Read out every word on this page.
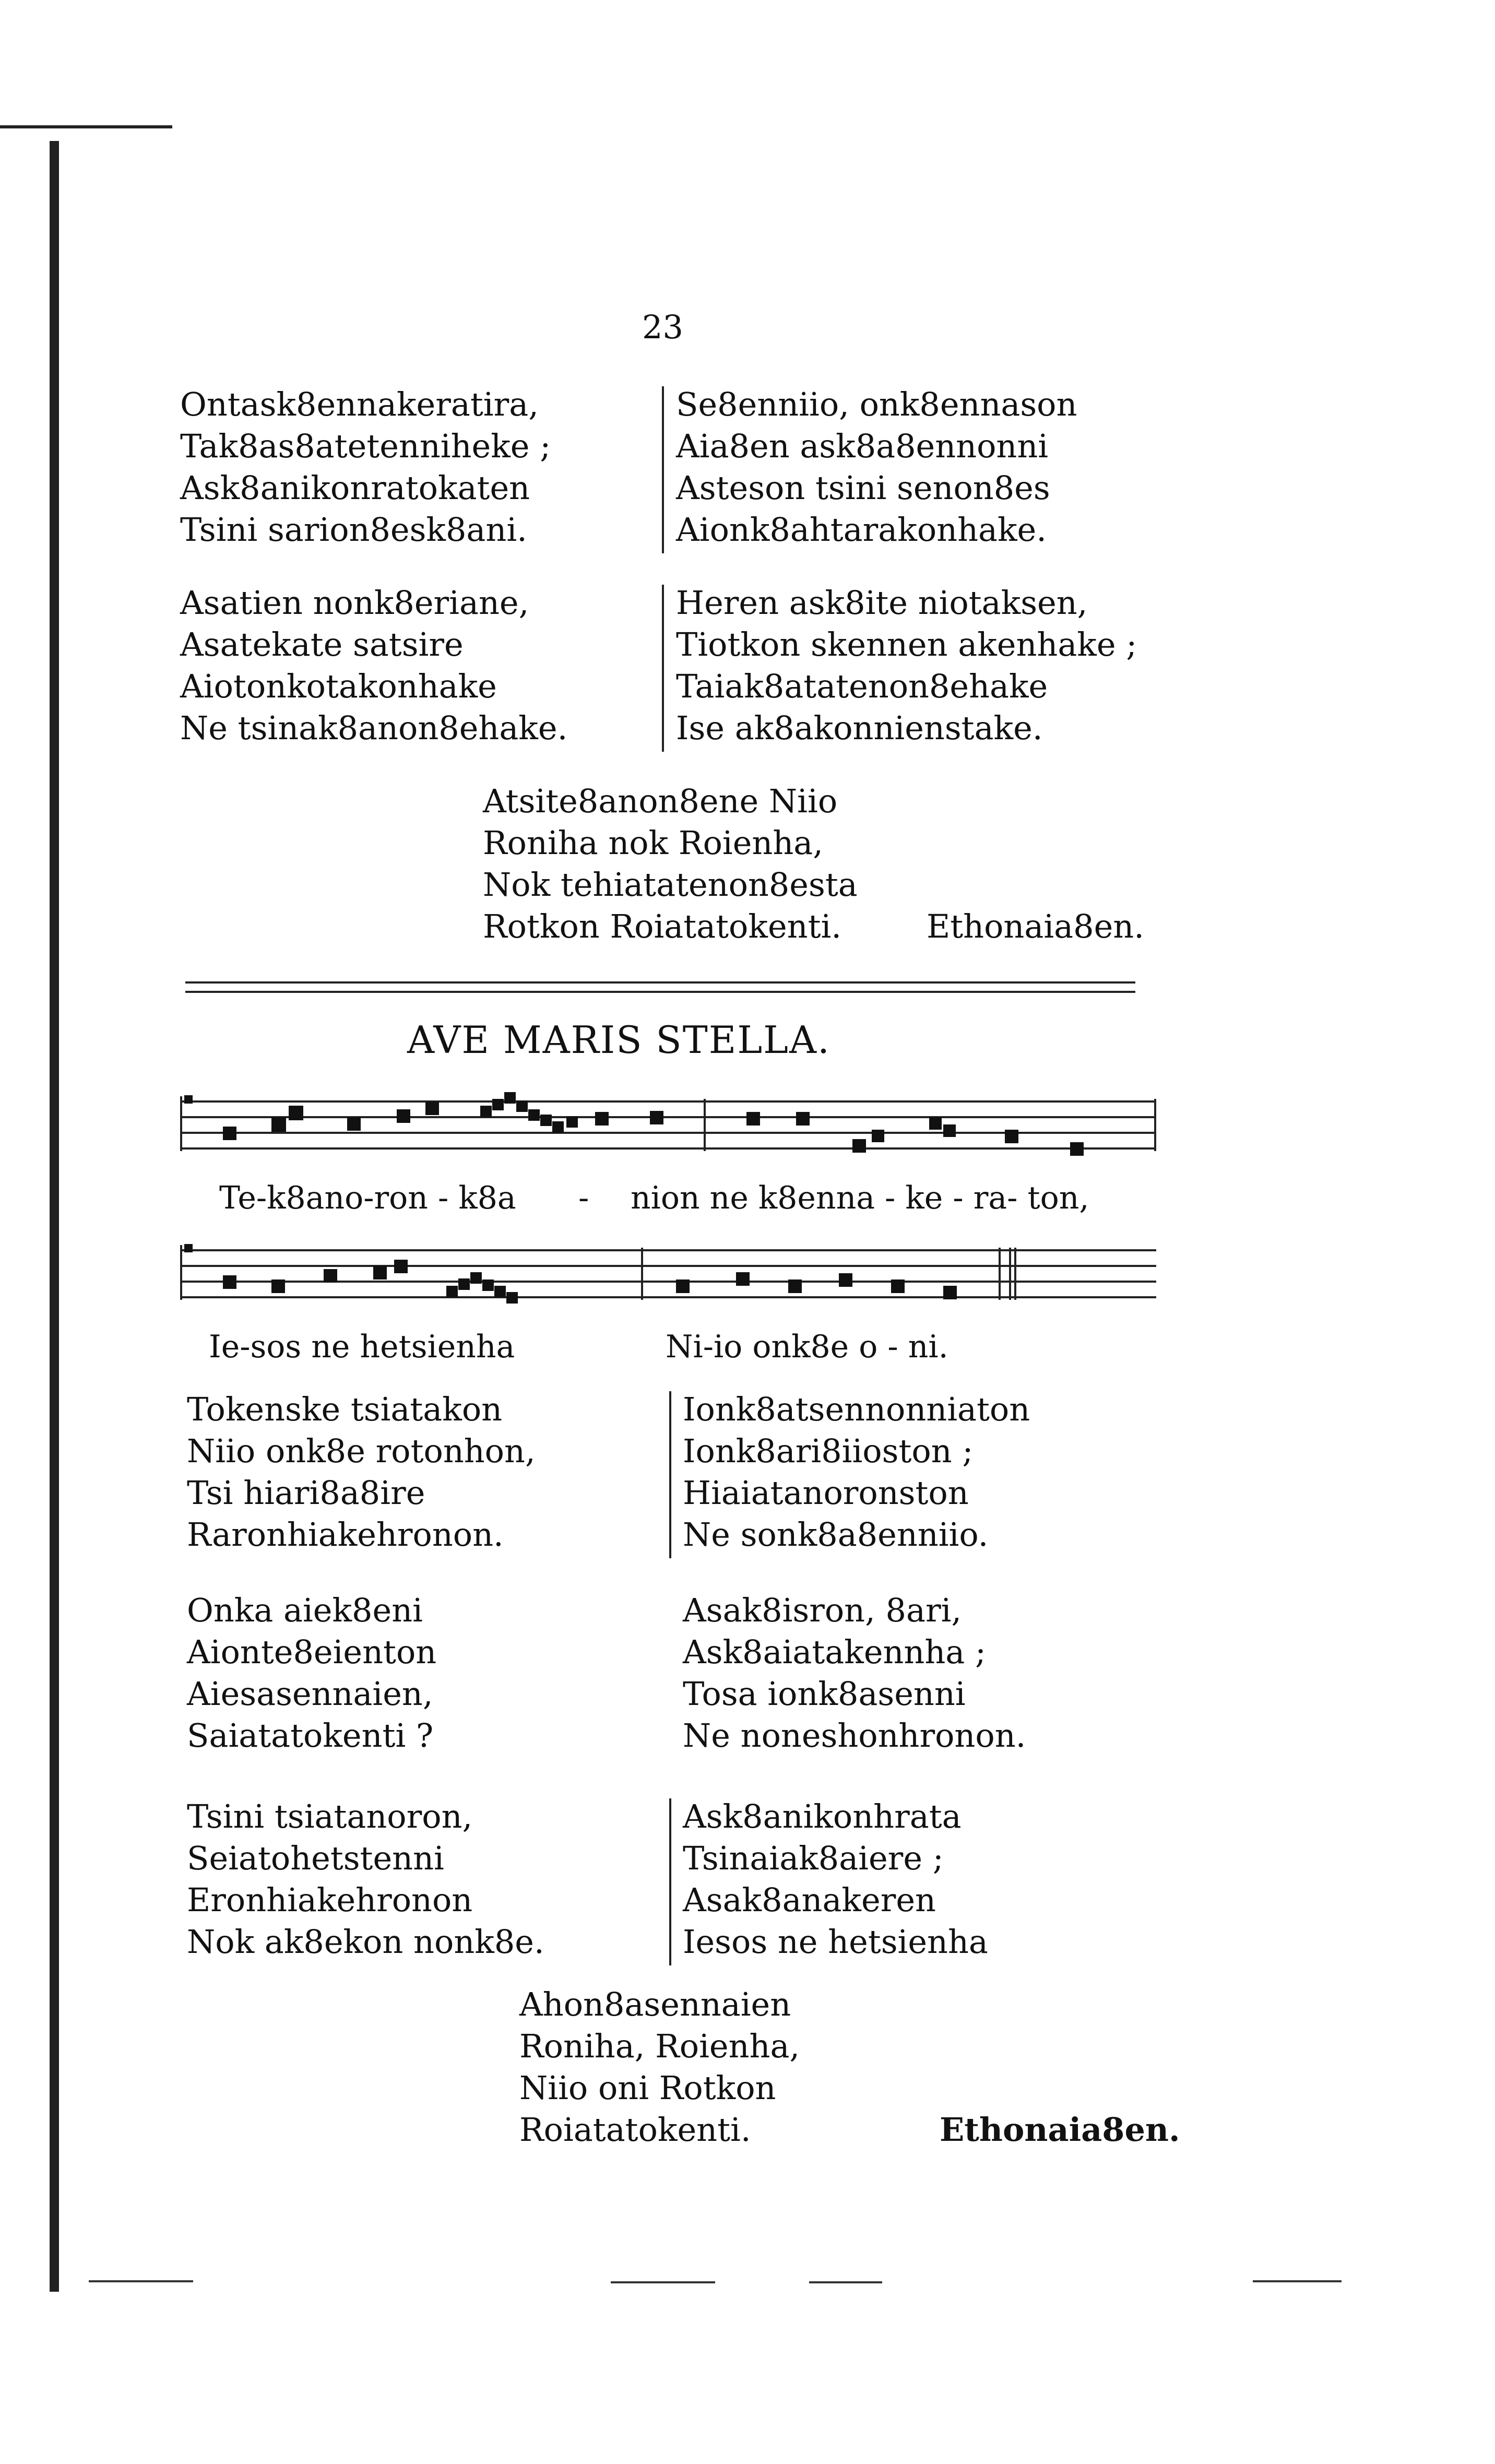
23
Ontask8ennakeratira,
Tak8as8atetenniheke ;
Ask8anikonratokaten
Tsini sarion8esk8ani.
Asatien nonk8eriane,
Asatekate satsire
Aiotonkotakonhake
Ne tsinak8anon8ehake.
Se8enniio, onk8ennason
Aia8en ask8a8ennonni
Asteson tsini senon8es
Aionk8ahtarakonhake.
Heren ask8ite niotaksen,
Tiotkon skennen akenhake ;
Taiak8atatenon8ehake
Ise ak8akonnienstake.
Atsite8anon8ene Niio
Roniha nok Roienha,
Nok tehiatatenon8esta
Rotkon Roiatatokenti.	Ethonaia8en.
AVE MARIS STELLA.
Te-k8ano-ron - k8a - nion ne k8enna - ke - ra- ton,
Ie-sos ne hetsienha	Ni-io onk8e o - ni.
Tokenske tsiatakon
Niio onk8e rotonhon,
Tsi hiari8a8ire
Raronhiakehronon.
Onka aiek8eni
Aionte8eienton
Aiesasennaien,
Saiatatokenti ?
Tsini tsiatanoron,
Seiatohetstenni
Eronhiakehronon
Nok ak8ekon nonk8e.
Ionk8atsennonniaton
Ionk8ari8iioston ;
Hiaiatanoronston
Ne sonk8a8enniio.
Asak8isron, 8ari,
Ask8aiatakennha ;
Tosa ionk8asenni
Ne noneshonhronon.
Ask8anikonhrata
Tsinaiak8aiere ;
Asak8anakeren
Iesos ne hetsienha
Ahon8asennaien
Roniha, Roienha,
Niio oni Rotkon
Roiatatokenti.	Ethonaia8en.
